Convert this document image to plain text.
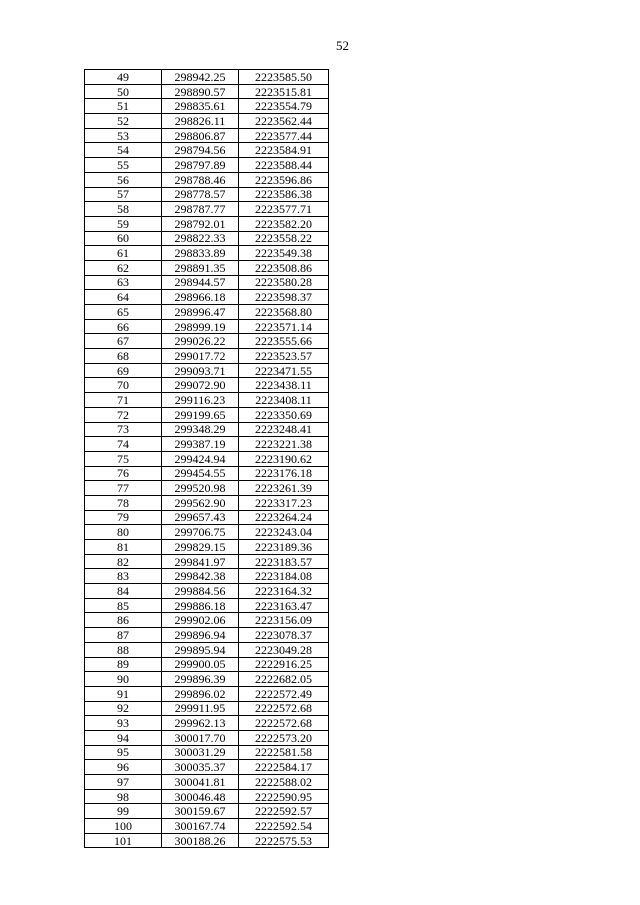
52
49	298942.25	2223585.50
50	298890.57	2223515.81
51	298835.61	2223554.79
52	298826.11	2223562.44
53	298806.87	2223577.44
54	298794.56	2223584.91
55	298797.89	2223588.44
56	298788.46	2223596.86
57	298778.57	2223586.38
58	298787.77	2223577.71
59	298792.01	2223582.20
60	298822.33	2223558.22
61	298833.89	2223549.38
62	298891.35	2223508.86
63	298944.57	2223580.28
64	298966.18	2223598.37
65	298996.47	2223568.80
66	298999.19	2223571.14
67	299026.22	2223555.66
68	299017.72	2223523.57
69	299093.71	2223471.55
70	299072.90	2223438.11
71	299116.23	2223408.11
72	299199.65	2223350.69
73	299348.29	2223248.41
74	299387.19	2223221.38
75	299424.94	2223190.62
76	299454.55	2223176.18
77	299520.98	2223261.39
78	299562.90	2223317.23
79	299657.43	2223264.24
80	299706.75	2223243.04
81	299829.15	2223189.36
82	299841.97	2223183.57
83	299842.38	2223184.08
84	299884.56	2223164.32
85	299886.18	2223163.47
86	299902.06	2223156.09
87	299896.94	2223078.37
88	299895.94	2223049.28
89	299900.05	2222916.25
90	299896.39	2222682.05
91	299896.02	2222572.49
92	299911.95	2222572.68
93	299962.13	2222572.68
94	300017.70	2222573.20
95	300031.29	2222581.58
96	300035.37	2222584.17
97	300041.81	2222588.02
98	300046.48	2222590.95
99	300159.67	2222592.57
100	300167.74	2222592.54
101	300188.26	2222575.53
